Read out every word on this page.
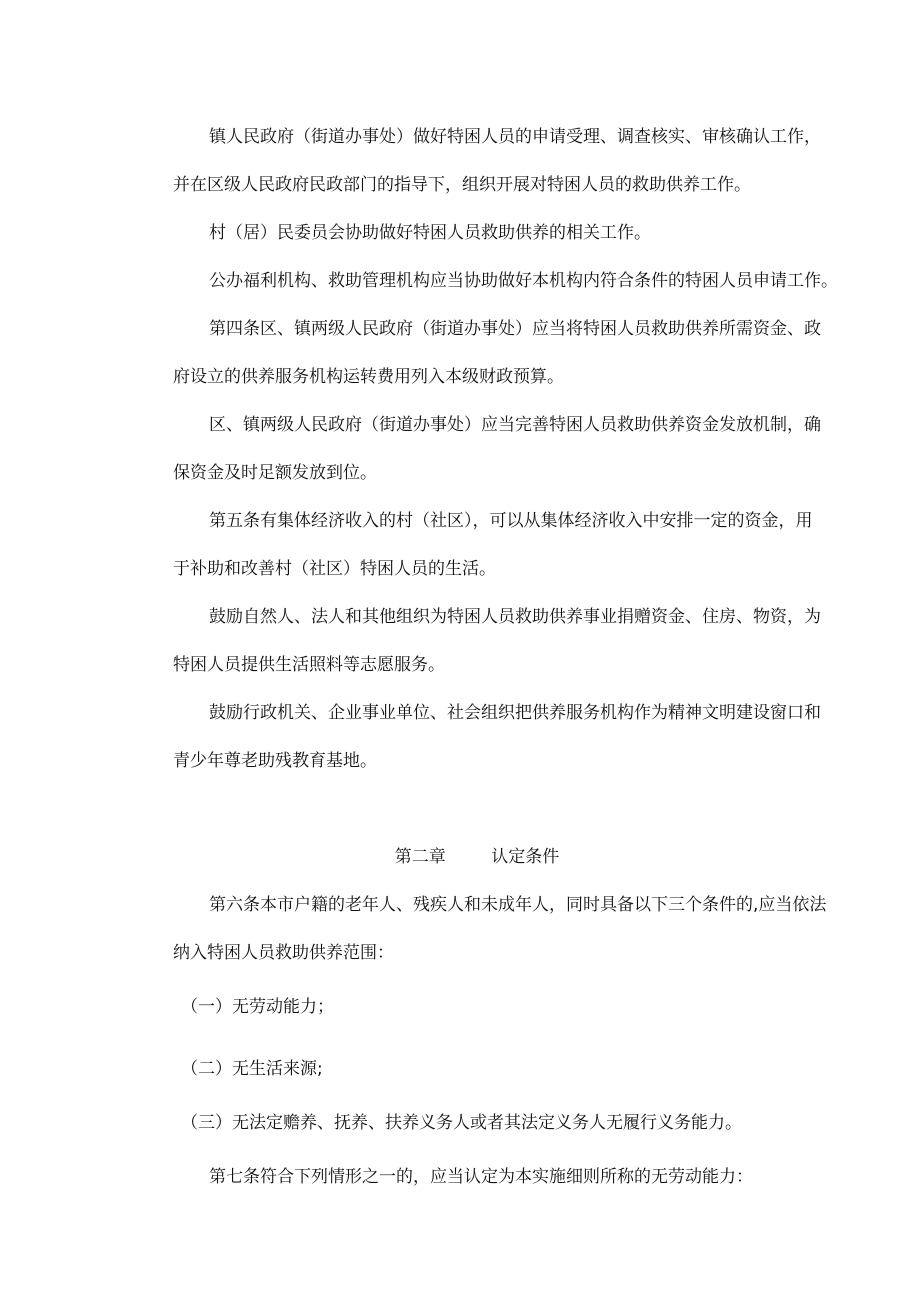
镇人民政府（街道办事处）做好特困人员的申请受理、调查核实、审核确认工作，
并在区级人民政府民政部门的指导下，组织开展对特困人员的救助供养工作。
村（居）民委员会协助做好特困人员救助供养的相关工作。
公办福利机构、救助管理机构应当协助做好本机构内符合条件的特困人员申请工作。
第四条区、镇两级人民政府（街道办事处）应当将特困人员救助供养所需资金、政
府设立的供养服务机构运转费用列入本级财政预算。
区、镇两级人民政府（街道办事处）应当完善特困人员救助供养资金发放机制，确
保资金及时足额发放到位。
第五条有集体经济收入的村（社区），可以从集体经济收入中安排一定的资金，用
于补助和改善村（社区）特困人员的生活。
鼓励自然人、法人和其他组织为特困人员救助供养事业捐赠资金、住房、物资，为
特困人员提供生活照料等志愿服务。
鼓励行政机关、企业事业单位、社会组织把供养服务机构作为精神文明建设窗口和
青少年尊老助残教育基地。
第二章	认定条件
第六条本市户籍的老年人、残疾人和未成年人，同时具备以下三个条件的,应当依法
纳入特困人员救助供养范围：
（一）无劳动能力；
（二）无生活来源;
（三）无法定赡养、抚养、扶养义务人或者其法定义务人无履行义务能力。
第七条符合下列情形之一的，应当认定为本实施细则所称的无劳动能力：
